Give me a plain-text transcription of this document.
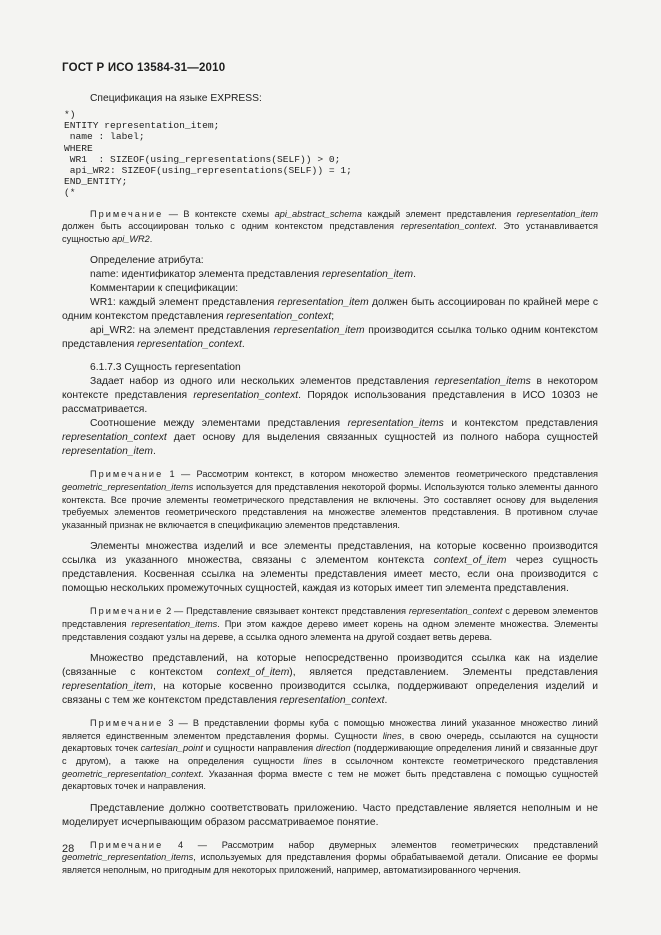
ГОСТ Р ИСО 13584-31—2010

Спецификация на языке EXPRESS:

*)
ENTITY representation_item;
name : label;
WHERE
WR1  : SIZEOF(using_representations(SELF)) > 0;
api_WR2: SIZEOF(using_representations(SELF)) = 1;
END_ENTITY;
(*

Примечание — В контексте схемы api_abstract_schema каждый элемент представления representation_item должен быть ассоциирован только с одним контекстом представления representation_context. Это устанавливается сущностью api_WR2.

Определение атрибута:

name: идентификатор элемента представления representation_item.

Комментарии к спецификации:

WR1: каждый элемент представления representation_item должен быть ассоциирован по крайней мере с одним контекстом представления representation_context;

api_WR2: на элемент представления representation_item производится ссылка только одним контекстом представления representation_context.

6.1.7.3 Сущность representation

Задает набор из одного или нескольких элементов представления representation_items в некотором контексте представления representation_context. Порядок использования представления в ИСО 10303 не рассматривается.

Соотношение между элементами представления representation_items и контекстом представления representation_context дает основу для выделения связанных сущностей из полного набора сущностей representation_item.

Примечание 1 — Рассмотрим контекст, в котором множество элементов геометрического представления geometric_representation_items используется для представления некоторой формы. Используются только элементы данного контекста. Все прочие элементы геометрического представления не включены. Это составляет основу для выделения требуемых элементов геометрического представления на множестве элементов представления. В противном случае указанный признак не включается в спецификацию элементов представления.

Элементы множества изделий и все элементы представления, на которые косвенно производится ссылка из указанного множества, связаны с элементом контекста context_of_item через сущность представления. Косвенная ссылка на элементы представления имеет место, если она производится с помощью нескольких промежуточных сущностей, каждая из которых имеет тип элемента представления.

Примечание 2 — Представление связывает контекст представления representation_context с деревом элементов представления representation_items. При этом каждое дерево имеет корень на одном элементе множества. Элементы представления создают узлы на дереве, а ссылка одного элемента на другой создает ветвь дерева.

Множество представлений, на которые непосредственно производится ссылка как на изделие (связанные с контекстом context_of_item), является представлением. Элементы представления representation_item, на которые косвенно производится ссылка, поддерживают определения изделий и связаны с тем же контекстом представления representation_context.

Примечание 3 — В представлении формы куба с помощью множества линий указанное множество линий является единственным элементом представления формы. Сущности lines, в свою очередь, ссылаются на сущности декартовых точек cartesian_point и сущности направления direction (поддерживающие определения линий и связанные друг с другом), а также на определения сущности lines в ссылочном контексте геометрического представления geometric_representation_context. Указанная форма вместе с тем не может быть представлена с помощью сущностей декартовых точек и направления.

Представление должно соответствовать приложению. Часто представление является неполным и не моделирует исчерпывающим образом рассматриваемое понятие.

Примечание 4 — Рассмотрим набор двумерных элементов геометрических представлений geometric_representation_items, используемых для представления формы обрабатываемой детали. Описание ее формы является неполным, но пригодным для некоторых приложений, например, автоматизированного черчения.

28
